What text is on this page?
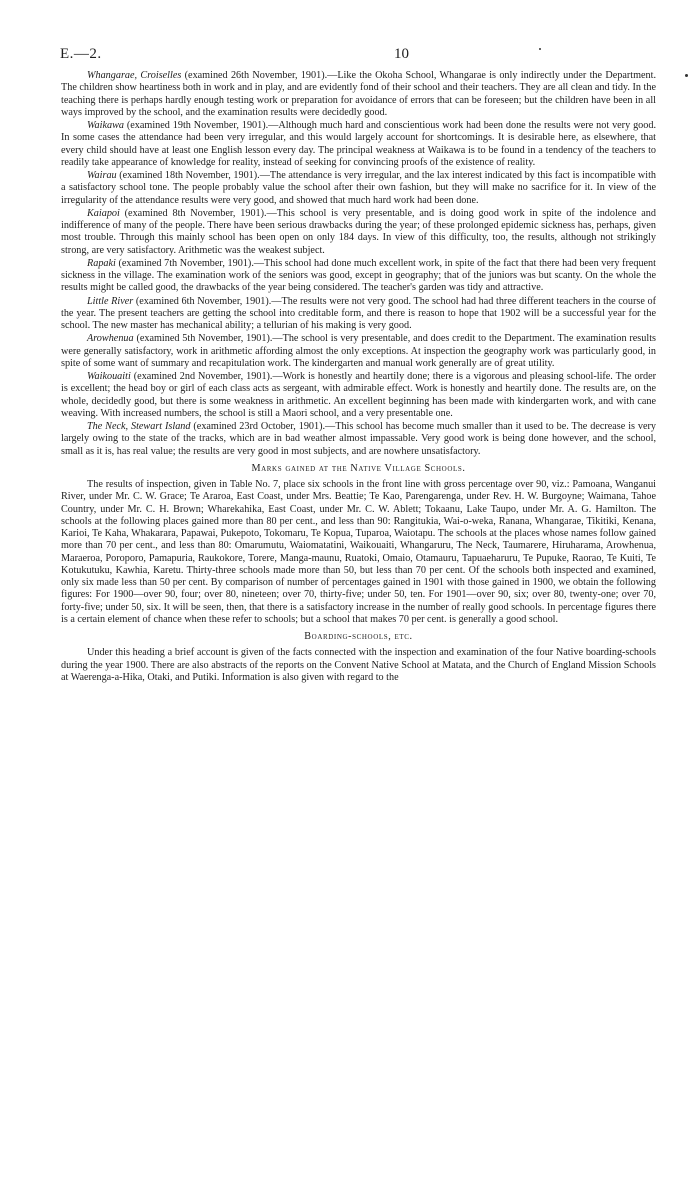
E.—2.	10

Whangarae, Croiselles (examined 26th November, 1901).—Like the Okoha School, Whangarae is only indirectly under the Department. The children show heartiness both in work and in play, and are evidently fond of their school and their teachers. They are all clean and tidy. In the teaching there is perhaps hardly enough testing work or preparation for avoidance of errors that can be foreseen; but the children have been in all ways improved by the school, and the examination results were decidedly good.

Waikawa (examined 19th November, 1901).—Although much hard and conscientious work had been done the results were not very good. In some cases the attendance had been very irregular, and this would largely account for shortcomings. It is desirable here, as elsewhere, that every child should have at least one English lesson every day. The principal weakness at Waikawa is to be found in a tendency of the teachers to readily take appearance of knowledge for reality, instead of seeking for convincing proofs of the existence of reality.

Wairau (examined 18th November, 1901).—The attendance is very irregular, and the lax interest indicated by this fact is incompatible with a satisfactory school tone. The people probably value the school after their own fashion, but they will make no sacrifice for it. In view of the irregularity of the attendance results were very good, and showed that much hard work had been done.

Kaiapoi (examined 8th November, 1901).—This school is very presentable, and is doing good work in spite of the indolence and indifference of many of the people. There have been serious drawbacks during the year; of these prolonged epidemic sickness has, perhaps, given most trouble. Through this mainly school has been open on only 184 days. In view of this difficulty, too, the results, although not strikingly strong, are very satisfactory. Arithmetic was the weakest subject.

Rapaki (examined 7th November, 1901).—This school had done much excellent work, in spite of the fact that there had been very frequent sickness in the village. The examination work of the seniors was good, except in geography; that of the juniors was but scanty. On the whole the results might be called good, the drawbacks of the year being considered. The teacher's garden was tidy and attractive.

Little River (examined 6th November, 1901).—The results were not very good. The school had had three different teachers in the course of the year. The present teachers are getting the school into creditable form, and there is reason to hope that 1902 will be a successful year for the school. The new master has mechanical ability; a tellurian of his making is very good.

Arowhenua (examined 5th November, 1901).—The school is very presentable, and does credit to the Department. The examination results were generally satisfactory, work in arithmetic affording almost the only exceptions. At inspection the geography work was particularly good, in spite of some want of summary and recapitulation work. The kindergarten and manual work generally are of great utility.

Waikouaiti (examined 2nd November, 1901).—Work is honestly and heartily done; there is a vigorous and pleasing school-life. The order is excellent; the head boy or girl of each class acts as sergeant, with admirable effect. Work is honestly and heartily done. The results are, on the whole, decidedly good, but there is some weakness in arithmetic. An excellent beginning has been made with kindergarten work, and with cane weaving. With increased numbers, the school is still a Maori school, and a very presentable one.

The Neck, Stewart Island (examined 23rd October, 1901).—This school has become much smaller than it used to be. The decrease is very largely owing to the state of the tracks, which are in bad weather almost impassable. Very good work is being done however, and the school, small as it is, has real value; the results are very good in most subjects, and are nowhere unsatisfactory.

Marks gained at the Native Village Schools.

The results of inspection, given in Table No. 7, place six schools in the front line with gross percentage over 90, viz.: Pamoana, Wanganui River, under Mr. C. W. Grace; Te Araroa, East Coast, under Mrs. Beattie; Te Kao, Parengarenga, under Rev. H. W. Burgoyne; Waimana, Tahoe Country, under Mr. C. H. Brown; Wharekahika, East Coast, under Mr. C. W. Ablett; Tokaanu, Lake Taupo, under Mr. A. G. Hamilton. The schools at the following places gained more than 80 per cent., and less than 90: Rangitukia, Wai-o-weka, Ranana, Whangarae, Tikitiki, Kenana, Karioi, Te Kaha, Whakarara, Papawai, Pukepoto, Tokomaru, Te Kopua, Tuparoa, Waiotapu. The schools at the places whose names follow gained more than 70 per cent., and less than 80: Omarumutu, Waiomatatini, Waikouaiti, Whangaruru, The Neck, Taumarere, Hiruharama, Arowhenua, Maraeroa, Poroporo, Pamapuria, Raukokore, Torere, Manga-maunu, Ruatoki, Omaio, Otamauru, Tapuaeharuru, Te Pupuke, Raorao, Te Kuiti, Te Kotukutuku, Kawhia, Karetu. Thirty-three schools made more than 50, but less than 70 per cent. Of the schools both inspected and examined, only six made less than 50 per cent. By comparison of number of percentages gained in 1901 with those gained in 1900, we obtain the following figures: For 1900—over 90, four; over 80, nineteen; over 70, thirty-five; under 50, ten. For 1901—over 90, six; over 80, twenty-one; over 70, forty-five; under 50, six. It will be seen, then, that there is a satisfactory increase in the number of really good schools. In percentage figures there is a certain element of chance when these refer to schools; but a school that makes 70 per cent. is generally a good school.

Boarding-schools, etc.

Under this heading a brief account is given of the facts connected with the inspection and examination of the four Native boarding-schools during the year 1900. There are also abstracts of the reports on the Convent Native School at Matata, and the Church of England Mission Schools at Waerenga-a-Hika, Otaki, and Putiki. Information is also given with regard to the
